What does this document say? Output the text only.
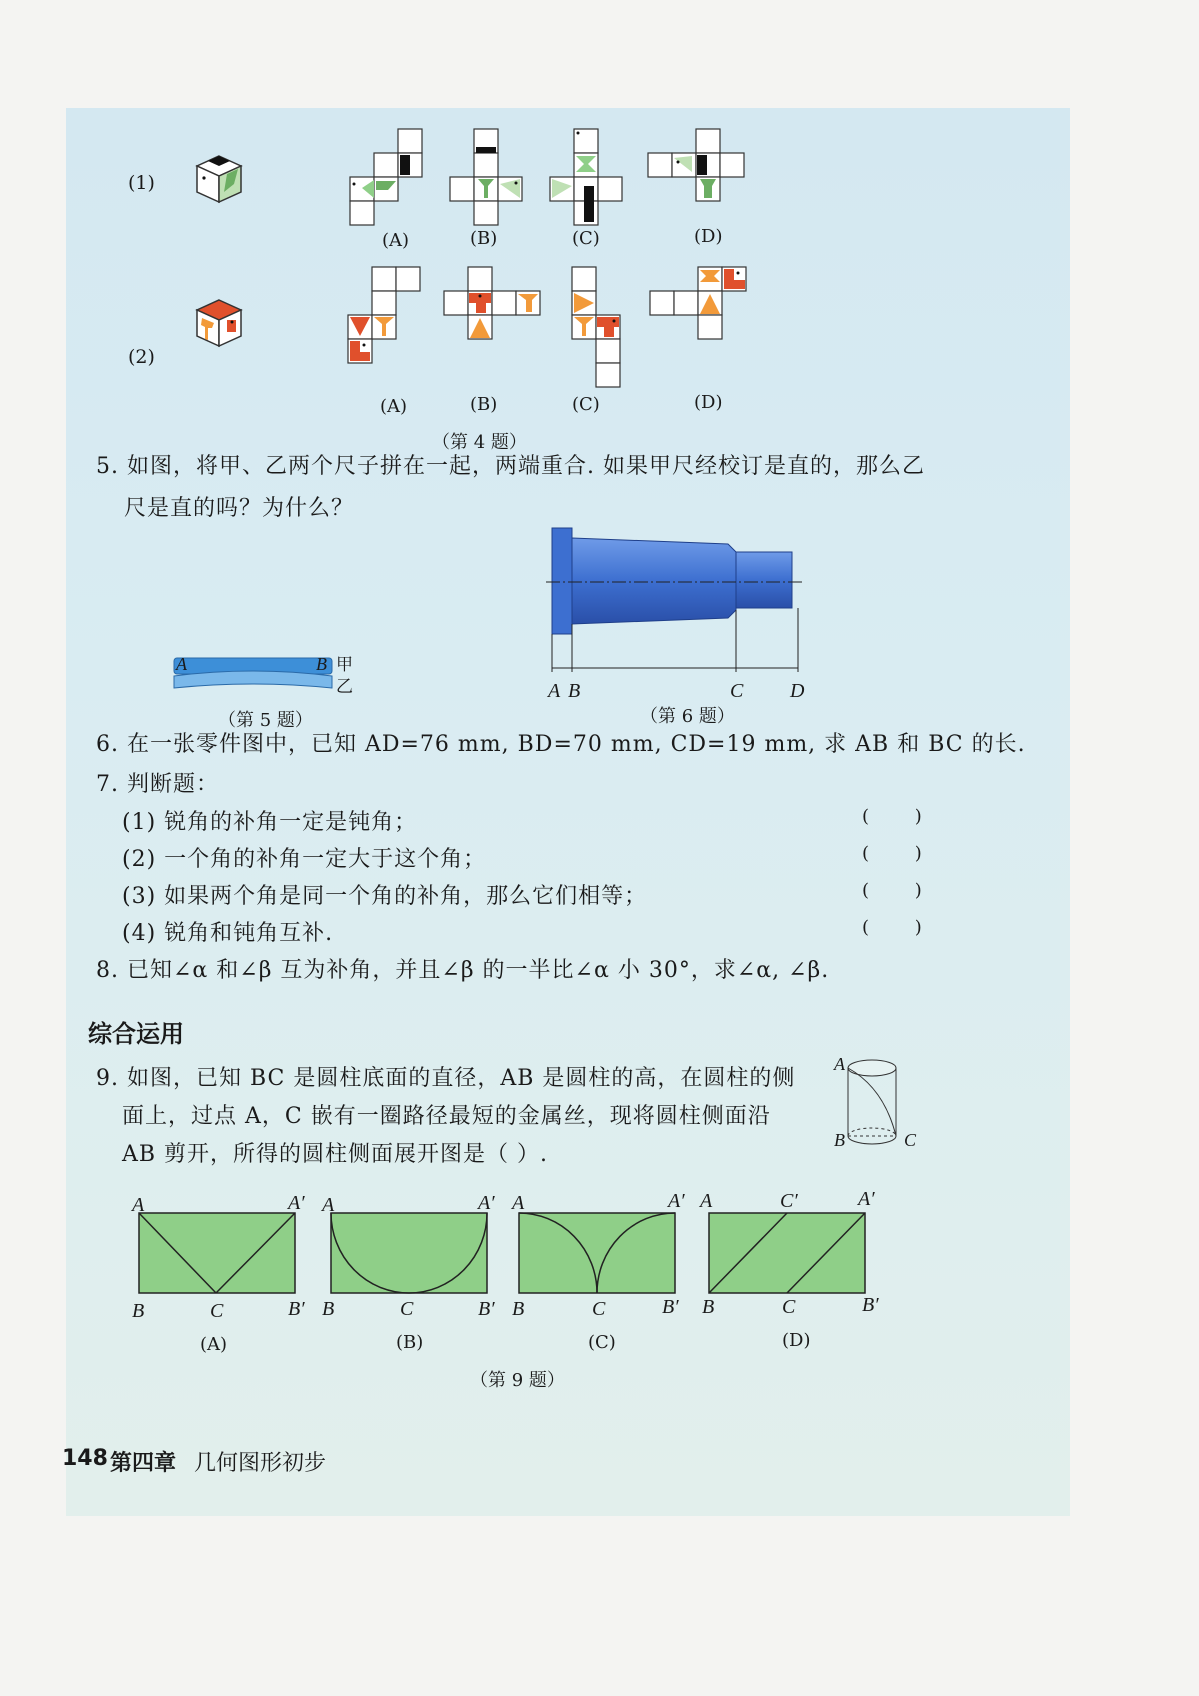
(1)
(2)
(A)	(B)	(C)	(D)
(A)	(B)	(C)	(D)
（第 4 题）
5. 如图，将甲、乙两个尺子拼在一起，两端重合. 如果甲尺经校订是直的，那么乙
尺是直的吗？为什么？
A	B 甲
乙
（第 5 题）
A B	C D
（第 6 题）
6. 在一张零件图中，已知 AD=76 mm, BD=70 mm, CD=19 mm, 求 AB 和 BC 的长.
7. 判断题：
(1) 锐角的补角一定是钝角；
(2) 一个角的补角一定大于这个角；
(3) 如果两个角是同一个角的补角，那么它们相等；
(4) 锐角和钝角互补.
(        )
(        )
(        )
(        )
8. 已知∠α 和∠β 互为补角，并且∠β 的一半比∠α 小 30°，求∠α, ∠β.
综合运用
9. 如图，已知 BC 是圆柱底面的直径，AB 是圆柱的高，在圆柱的侧
面上，过点 A，C 嵌有一圈路径最短的金属丝，现将圆柱侧面沿
AB 剪开，所得的圆柱侧面展开图是（ ）.
A
B	C
A	A′
B	C	B′
A	A′
B	C	B′
A	A′
B	C	B′
A	C′	A′
B	C	B′
(A)	(B)	(C)	(D)
（第 9 题）
148 第四章 几何图形初步
